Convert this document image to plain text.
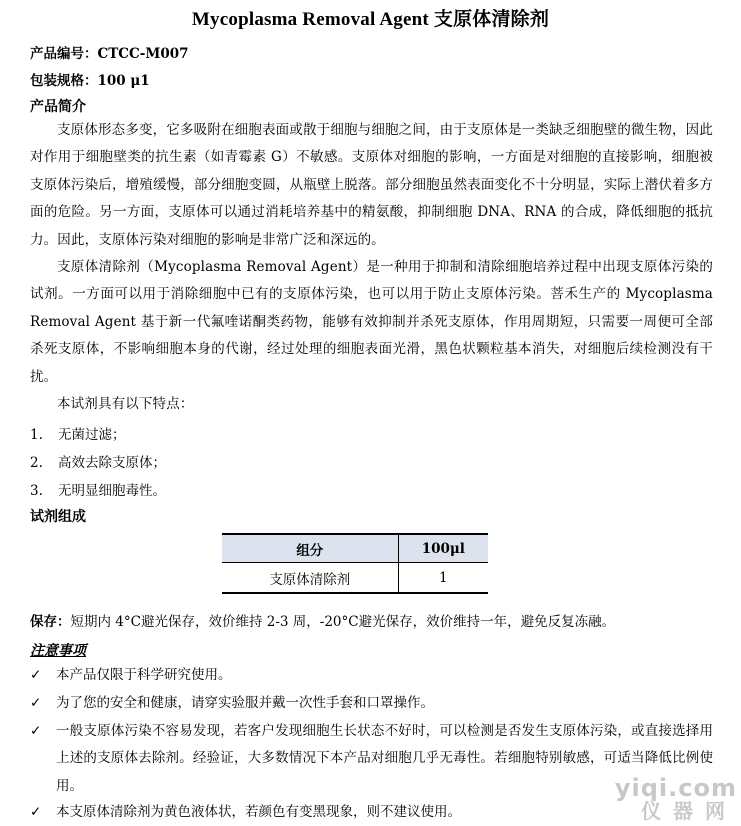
Mycoplasma Removal Agent 支原体清除剂
产品编号：CTCC-M007
包装规格：100 μ1
产品简介
支原体形态多变，它多吸附在细胞表面或散于细胞与细胞之间，由于支原体是一类缺乏细胞壁的微生物，因此对作用于细胞壁类的抗生素（如青霉素 G）不敏感。支原体对细胞的影响，一方面是对细胞的直接影响，细胞被支原体污染后，增殖缓慢，部分细胞变圆，从瓶壁上脱落。部分细胞虽然表面变化不十分明显，实际上潜伏着多方面的危险。另一方面，支原体可以通过消耗培养基中的精氨酸，抑制细胞 DNA、RNA 的合成，降低细胞的抵抗力。因此，支原体污染对细胞的影响是非常广泛和深远的。
支原体清除剂（Mycoplasma Removal Agent）是一种用于抑制和清除细胞培养过程中出现支原体污染的试剂。一方面可以用于消除细胞中已有的支原体污染，也可以用于防止支原体污染。菩禾生产的 Mycoplasma Removal Agent 基于新一代氟喹诺酮类药物，能够有效抑制并杀死支原体，作用周期短，只需要一周便可全部杀死支原体，不影响细胞本身的代谢，经过处理的细胞表面光滑，黑色状颗粒基本消失，对细胞后续检测没有干扰。
本试剂具有以下特点：
1. 无菌过滤；
2. 高效去除支原体；
3. 无明显细胞毒性。
试剂组成
组分	100μl
支原体清除剂	1
保存：短期内 4°C避光保存，效价维持 2-3 周，-20°C避光保存，效价维持一年，避免反复冻融。
注意事项
✓	本产品仅限于科学研究使用。
✓	为了您的安全和健康，请穿实验服并戴一次性手套和口罩操作。
✓	一般支原体污染不容易发现，若客户发现细胞生长状态不好时，可以检测是否发生支原体污染，或直接选择用上述的支原体去除剂。经验证，大多数情况下本产品对细胞几乎无毒性。若细胞特别敏感，可适当降低比例使用。
✓	本支原体清除剂为黄色液体状，若颜色有变黑现象，则不建议使用。
yiqi.com
仪器网
